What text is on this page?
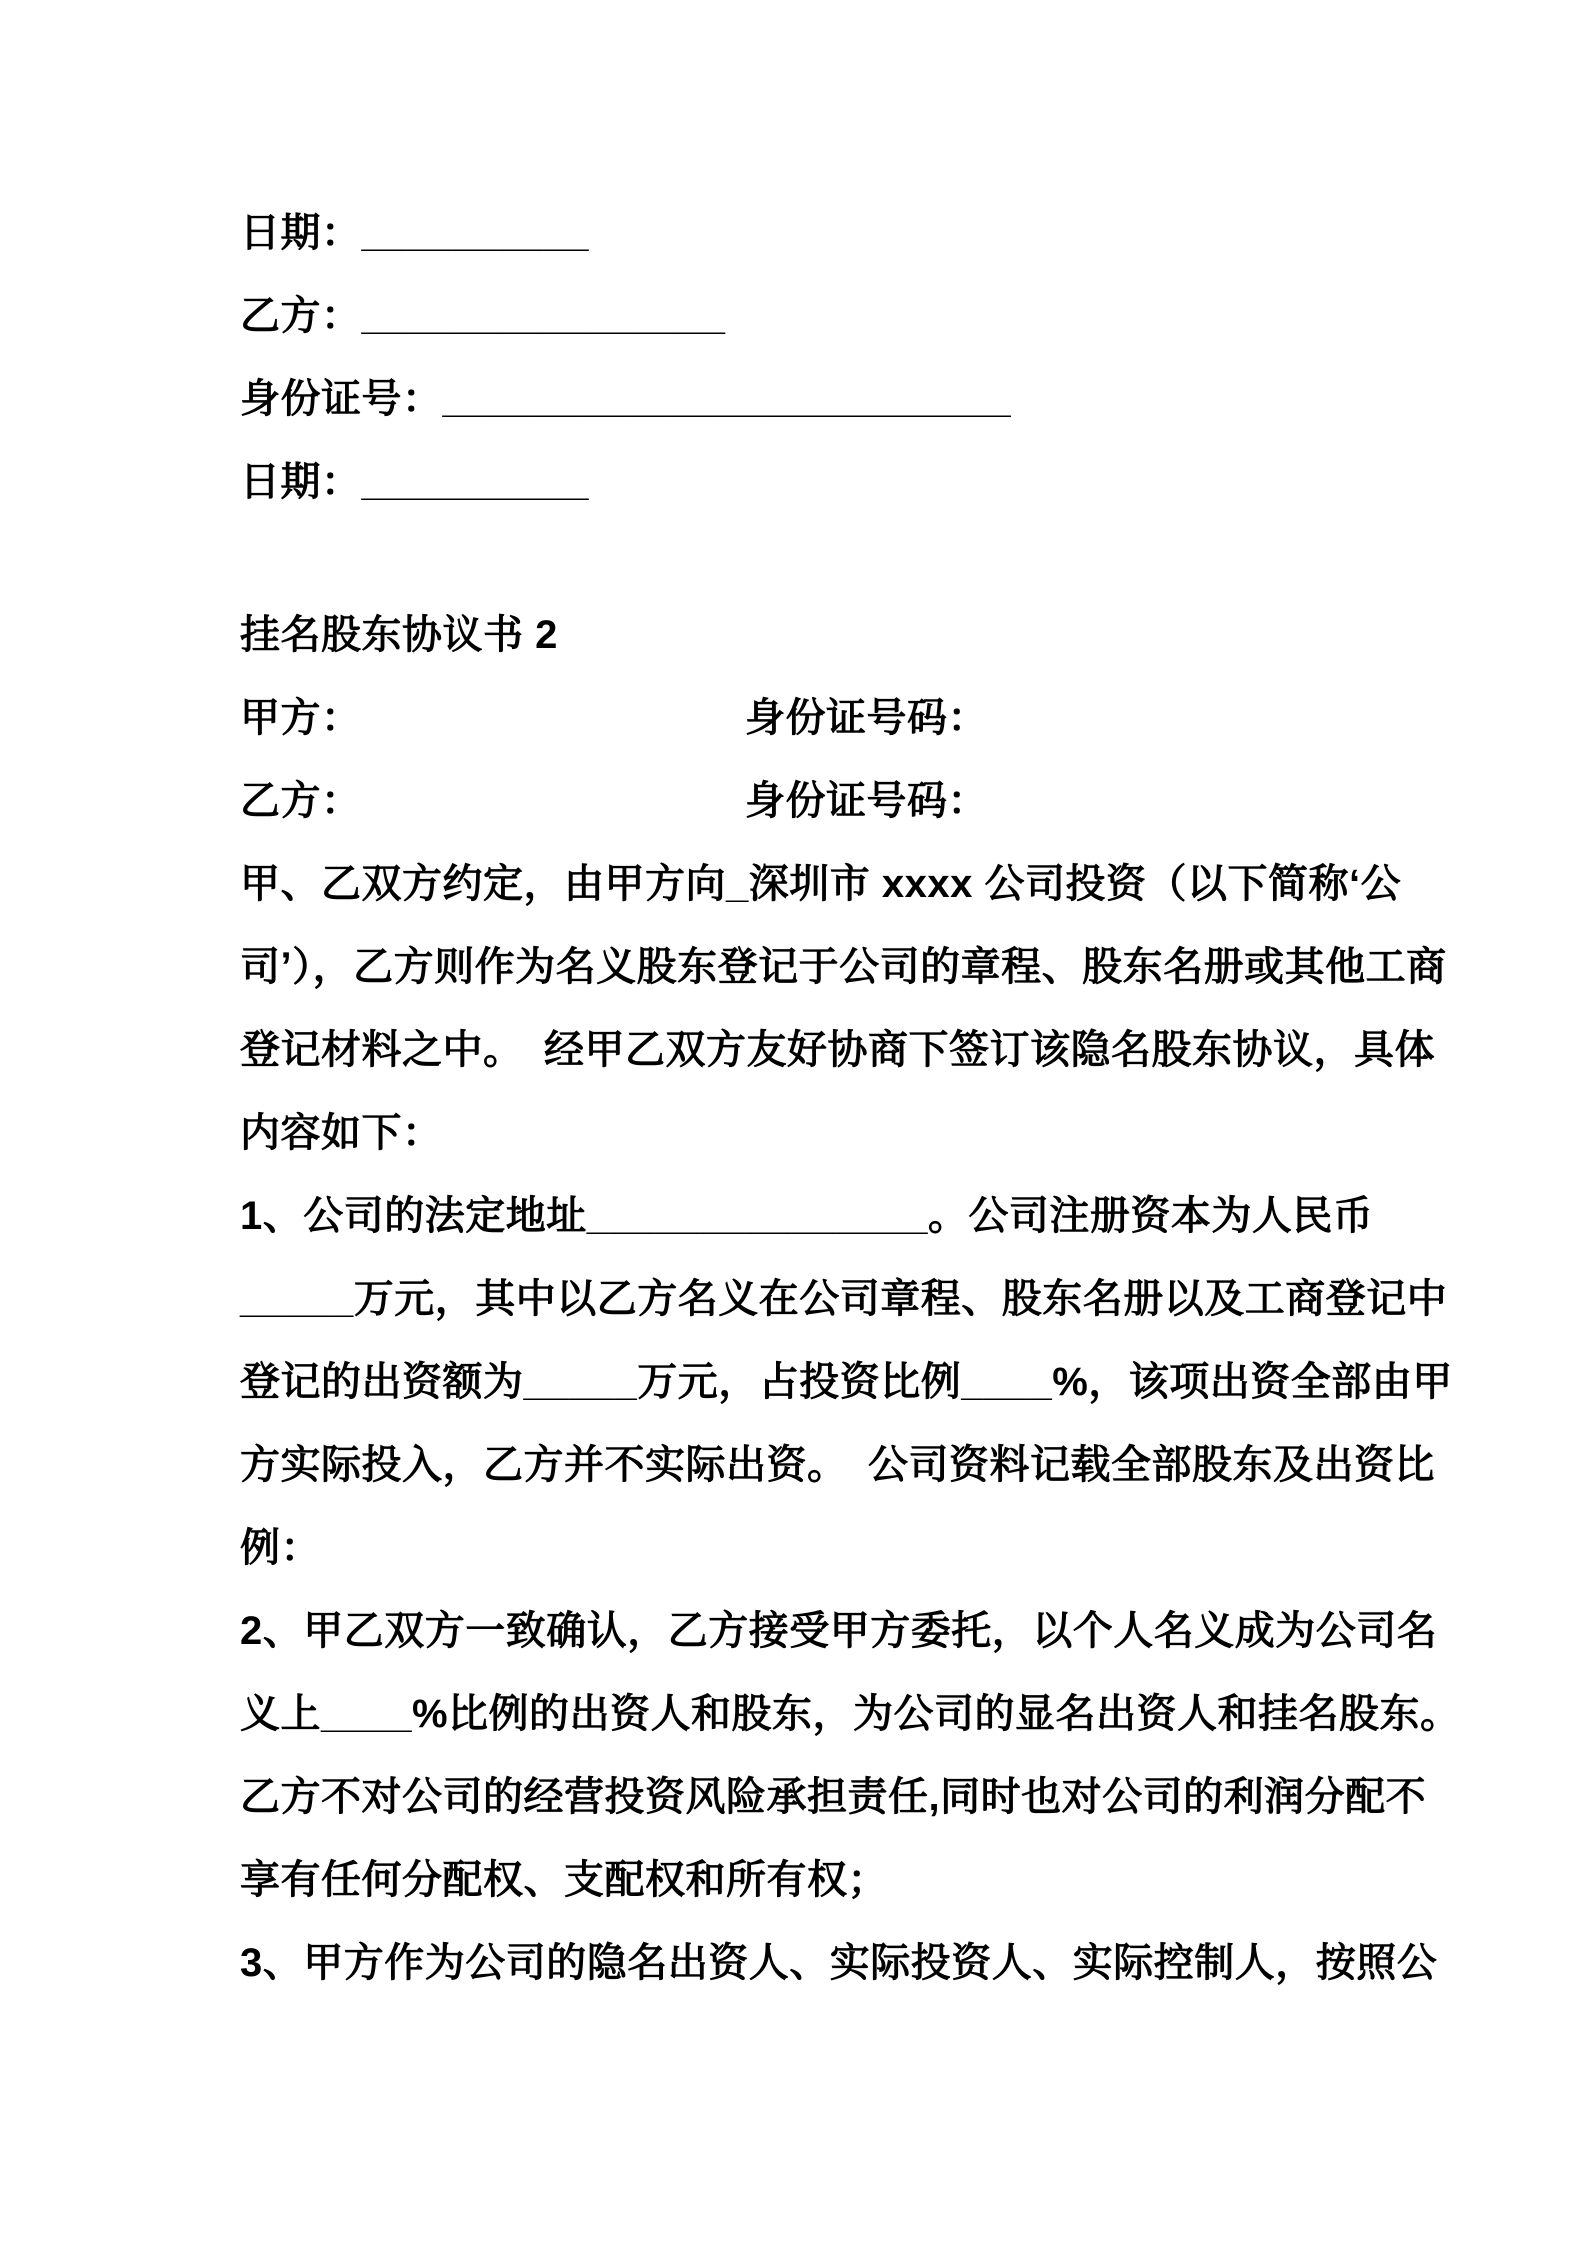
日期：__________

乙方：________________

身份证号：_________________________

日期：__________

挂名股东协议书 2

甲方：	身份证号码：
乙方：	身份证号码：

甲、乙双方约定，由甲方向_深圳市 xxxx 公司投资（以下简称‘公

司’），乙方则作为名义股东登记于公司的章程、股东名册或其他工商

登记材料之中。　经甲乙双方友好协商下签订该隐名股东协议，具体

内容如下：

1、公司的法定地址_______________。公司注册资本为人民币

_____万元，其中以乙方名义在公司章程、股东名册以及工商登记中

登记的出资额为_____万元，占投资比例____%，该项出资全部由甲

方实际投入，乙方并不实际出资。　公司资料记载全部股东及出资比

例：

2、甲乙双方一致确认，乙方接受甲方委托，以个人名义成为公司名

义上____%比例的出资人和股东，为公司的显名出资人和挂名股东。

乙方不对公司的经营投资风险承担责任,同时也对公司的利润分配不

享有任何分配权、支配权和所有权；

3、甲方作为公司的隐名出资人、实际投资人、实际控制人，按照公
